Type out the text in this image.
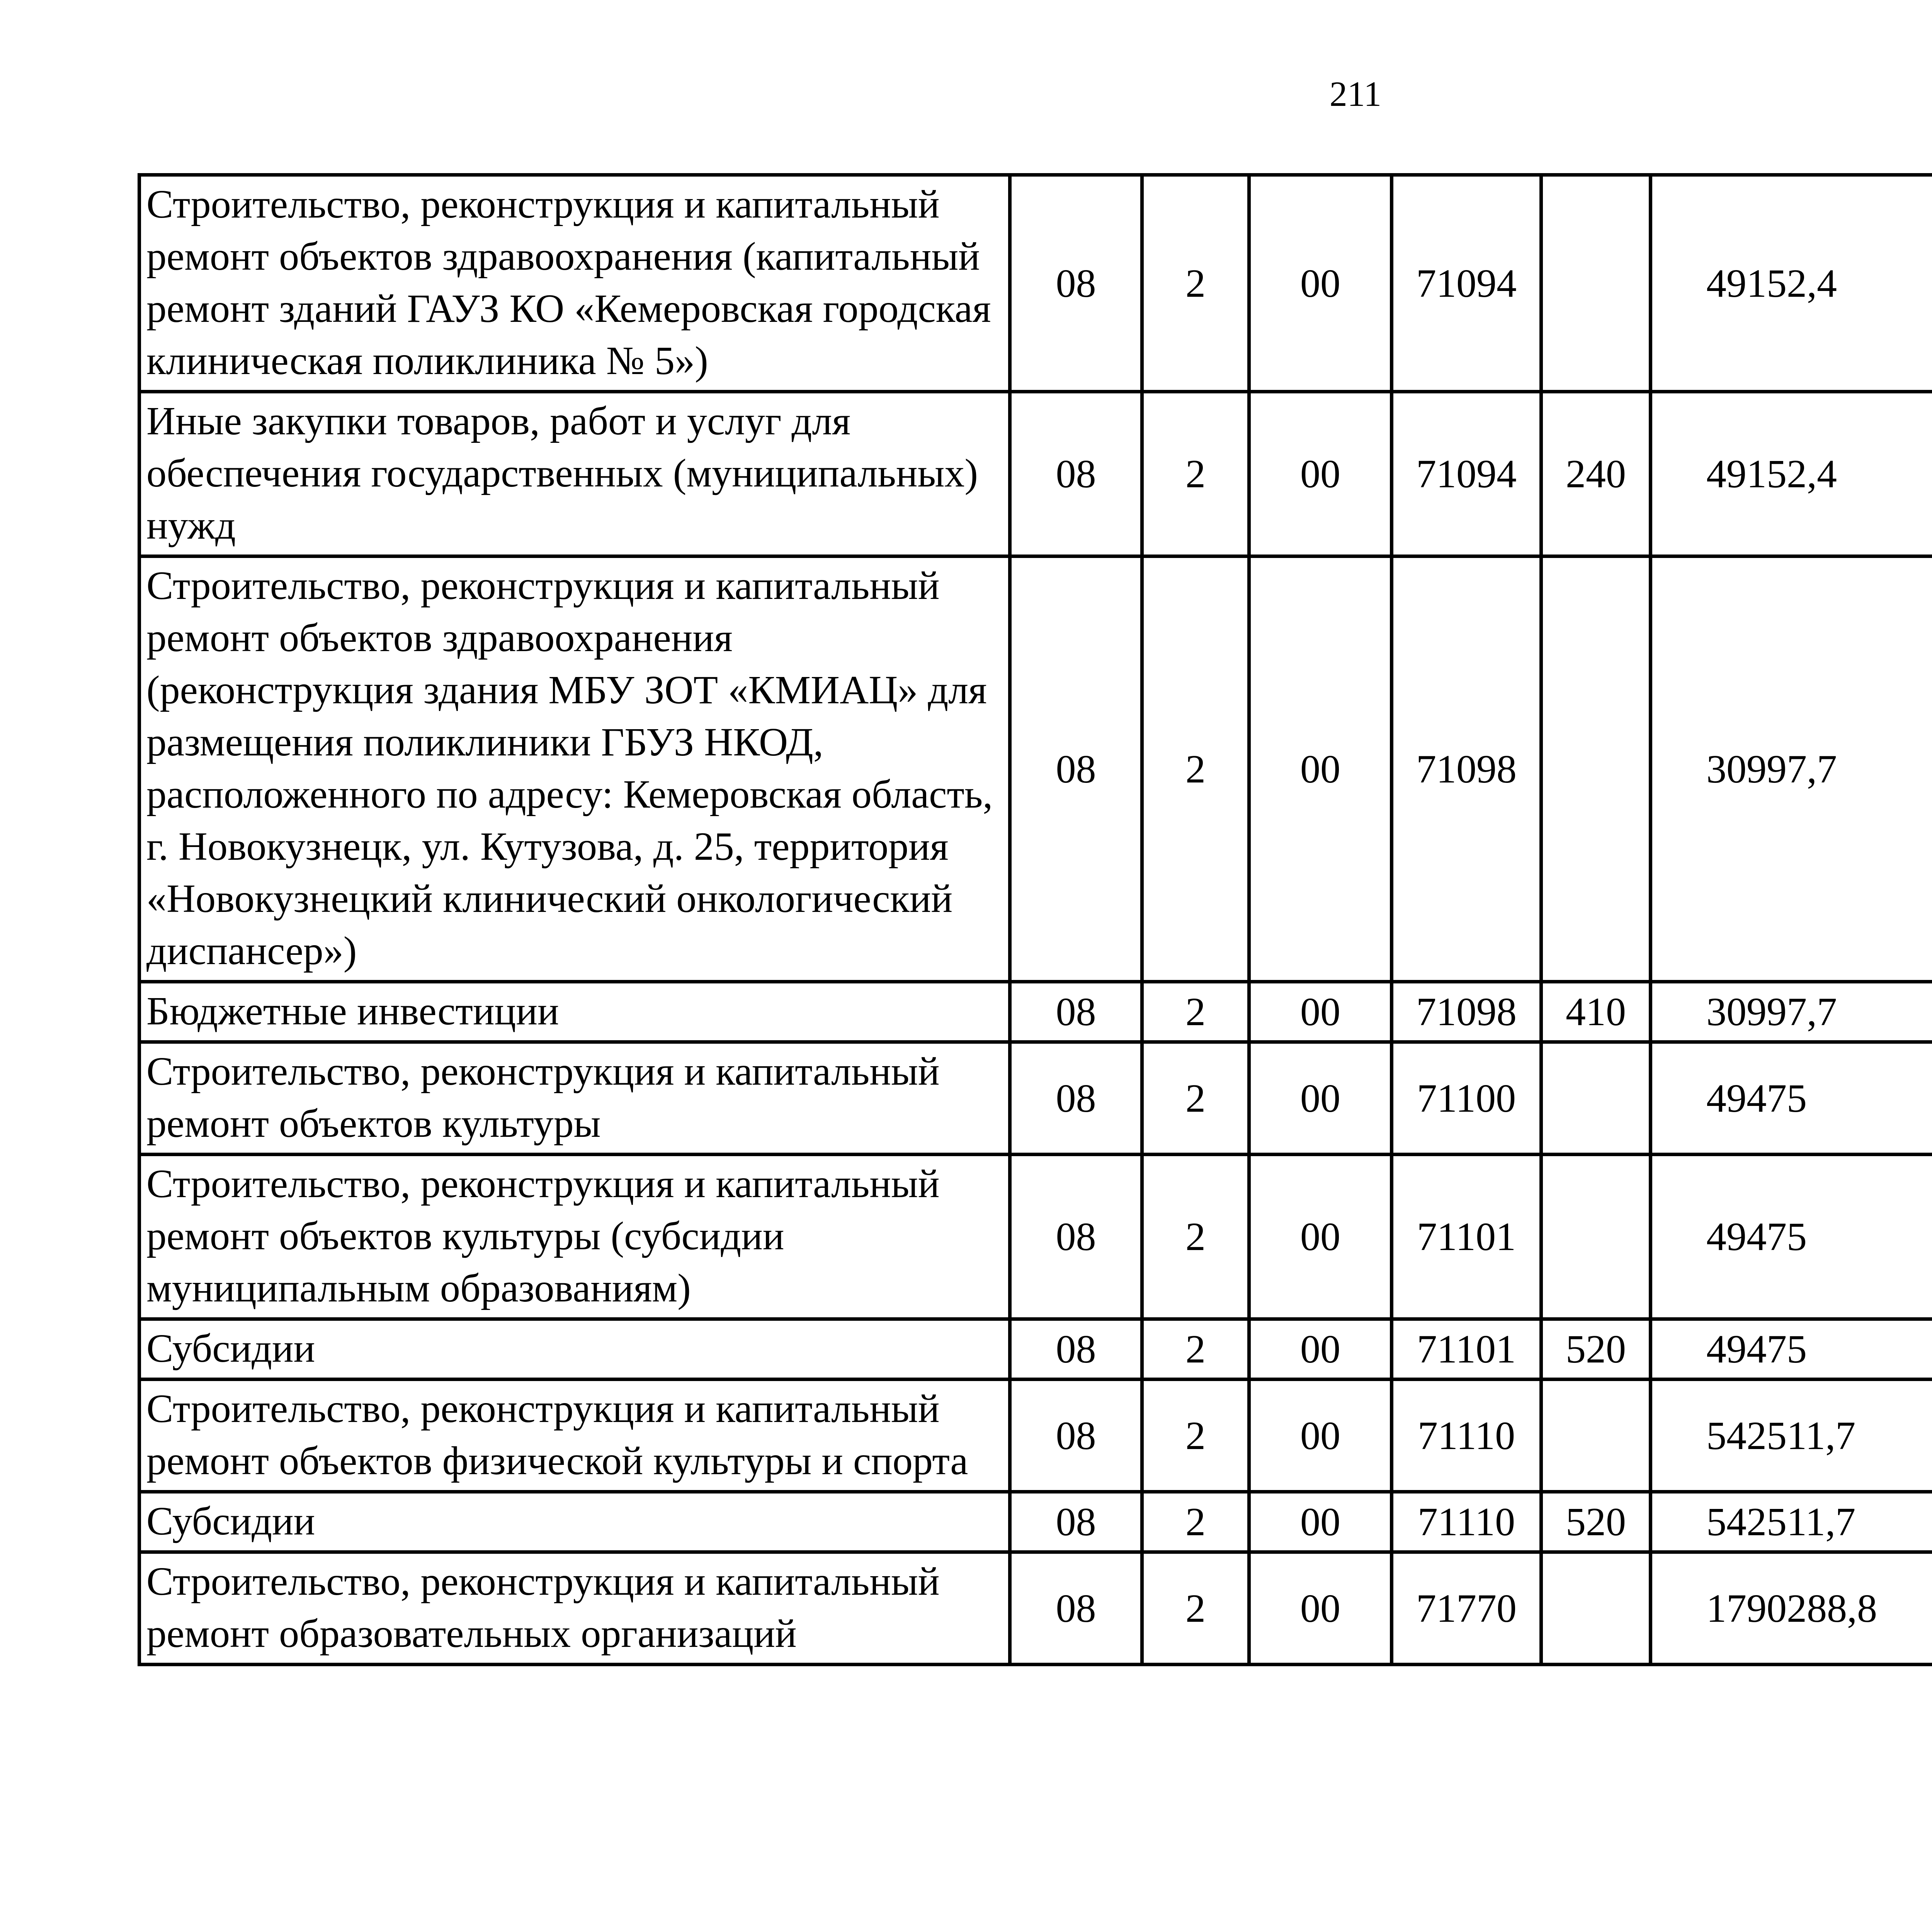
211
Строительство, реконструкция и капитальный ремонт объектов здравоохранения (капитальный ремонт зданий ГАУЗ КО «Кемеровская городская клиническая поликлиника № 5»)	08	2	00	71094		49152,4		
Иные закупки товаров, работ и услуг для обеспечения государственных (муниципальных) нужд	08	2	00	71094	240	49152,4		
Строительство, реконструкция и капитальный ремонт объектов здравоохранения (реконструкция здания МБУ ЗОТ «КМИАЦ» для размещения поликлиники ГБУЗ НКОД, расположенного по адресу: Кемеровская область, г. Новокузнецк, ул. Кутузова, д. 25, территория «Новокузнецкий клинический онкологический диспансер»)	08	2	00	71098		30997,7		
Бюджетные инвестиции	08	2	00	71098	410	30997,7		
Строительство, реконструкция и капитальный ремонт объектов культуры	08	2	00	71100		49475		
Строительство, реконструкция и капитальный ремонт объектов культуры (субсидии муниципальным образованиям)	08	2	00	71101		49475		
Субсидии	08	2	00	71101	520	49475		
Строительство, реконструкция и капитальный ремонт объектов физической культуры и спорта	08	2	00	71110		542511,7		
Субсидии	08	2	00	71110	520	542511,7		
Строительство, реконструкция и капитальный ремонт образовательных организаций	08	2	00	71770		1790288,8		
